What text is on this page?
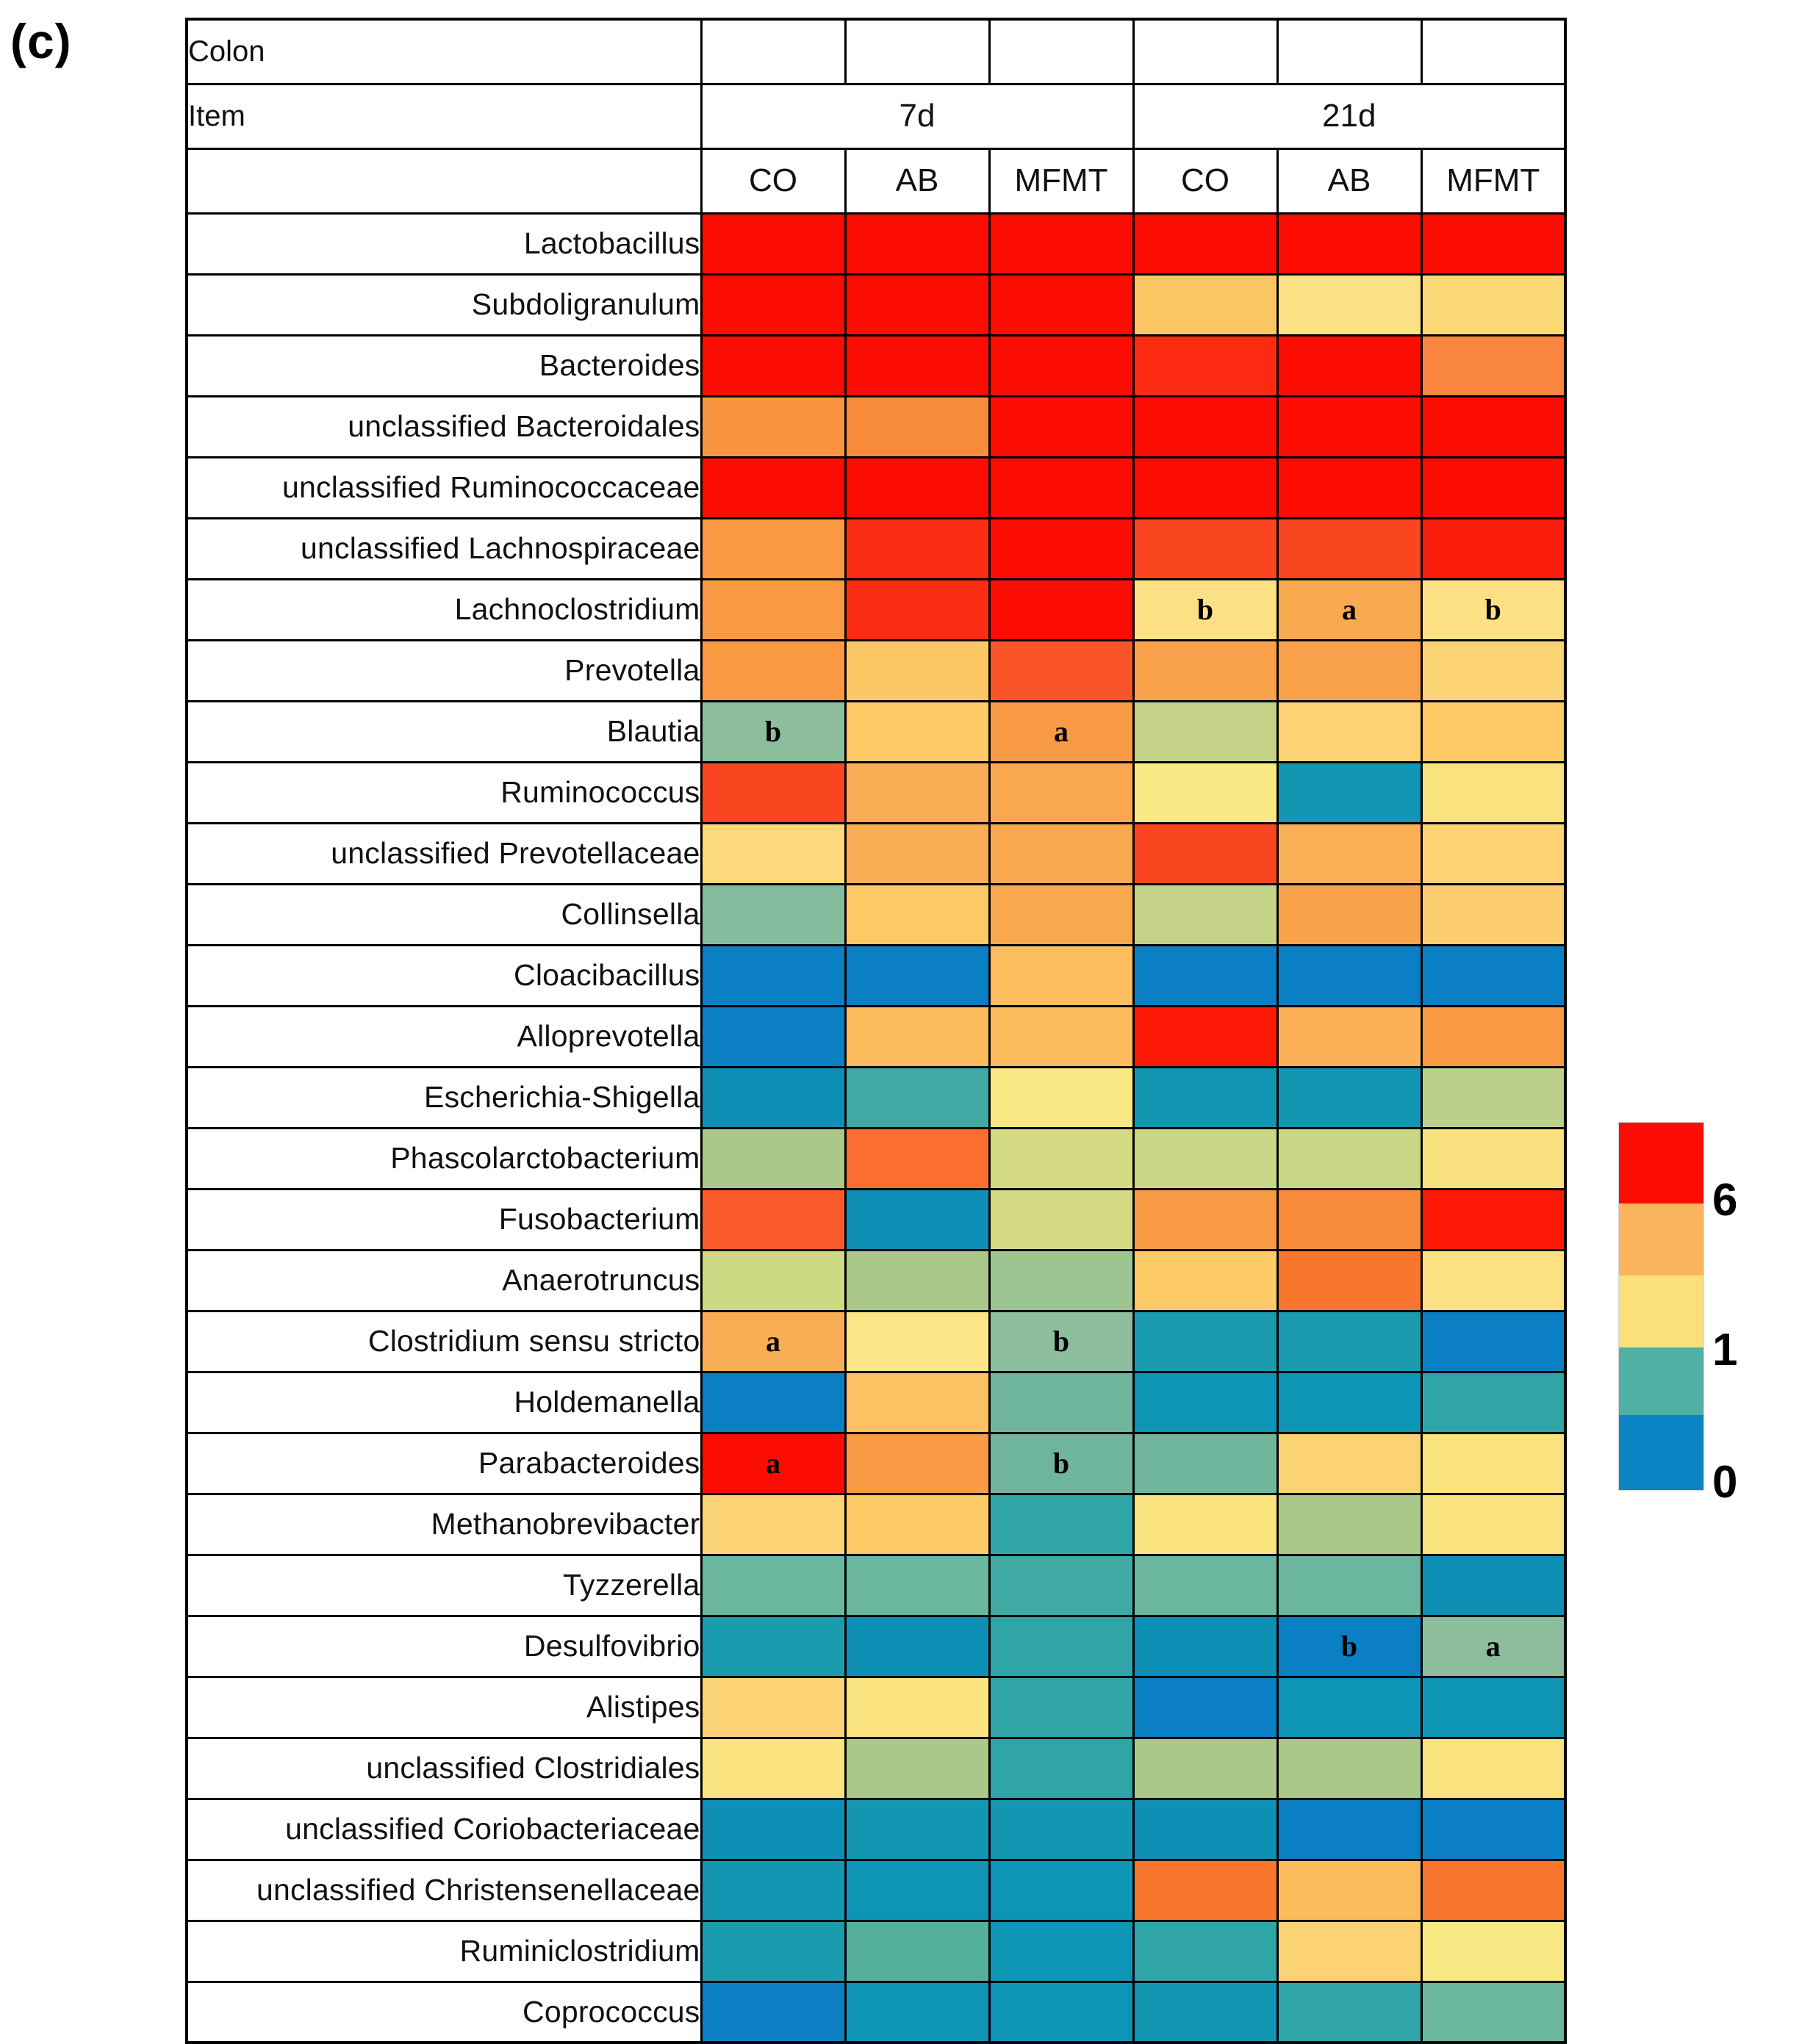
(c)	Colon						
Item	7d			21d		
	CO	AB	MFMT	CO	AB	MFMT
Lactobacillus						
Subdoligranulum						
Bacteroides						
unclassified Bacteroidales						
unclassified Ruminococcaceae						
unclassified Lachnospiraceae						
Lachnoclostridium				b	a	b
Prevotella						
Blautia	b		a			
Ruminococcus						
unclassified Prevotellaceae						
Collinsella						
Cloacibacillus						
Alloprevotella						
Escherichia-Shigella						
Phascolarctobacterium						
Fusobacterium						
Anaerotruncus						
Clostridium sensu stricto	a		b			
Holdemanella						
Parabacteroides	a		b			
Methanobrevibacter						
Tyzzerella						
Desulfovibrio					b	a
Alistipes						
unclassified Clostridiales						
unclassified Coriobacteriaceae						
unclassified Christensenellaceae						
Ruminiclostridium						
Coprococcus						
6
1
0
